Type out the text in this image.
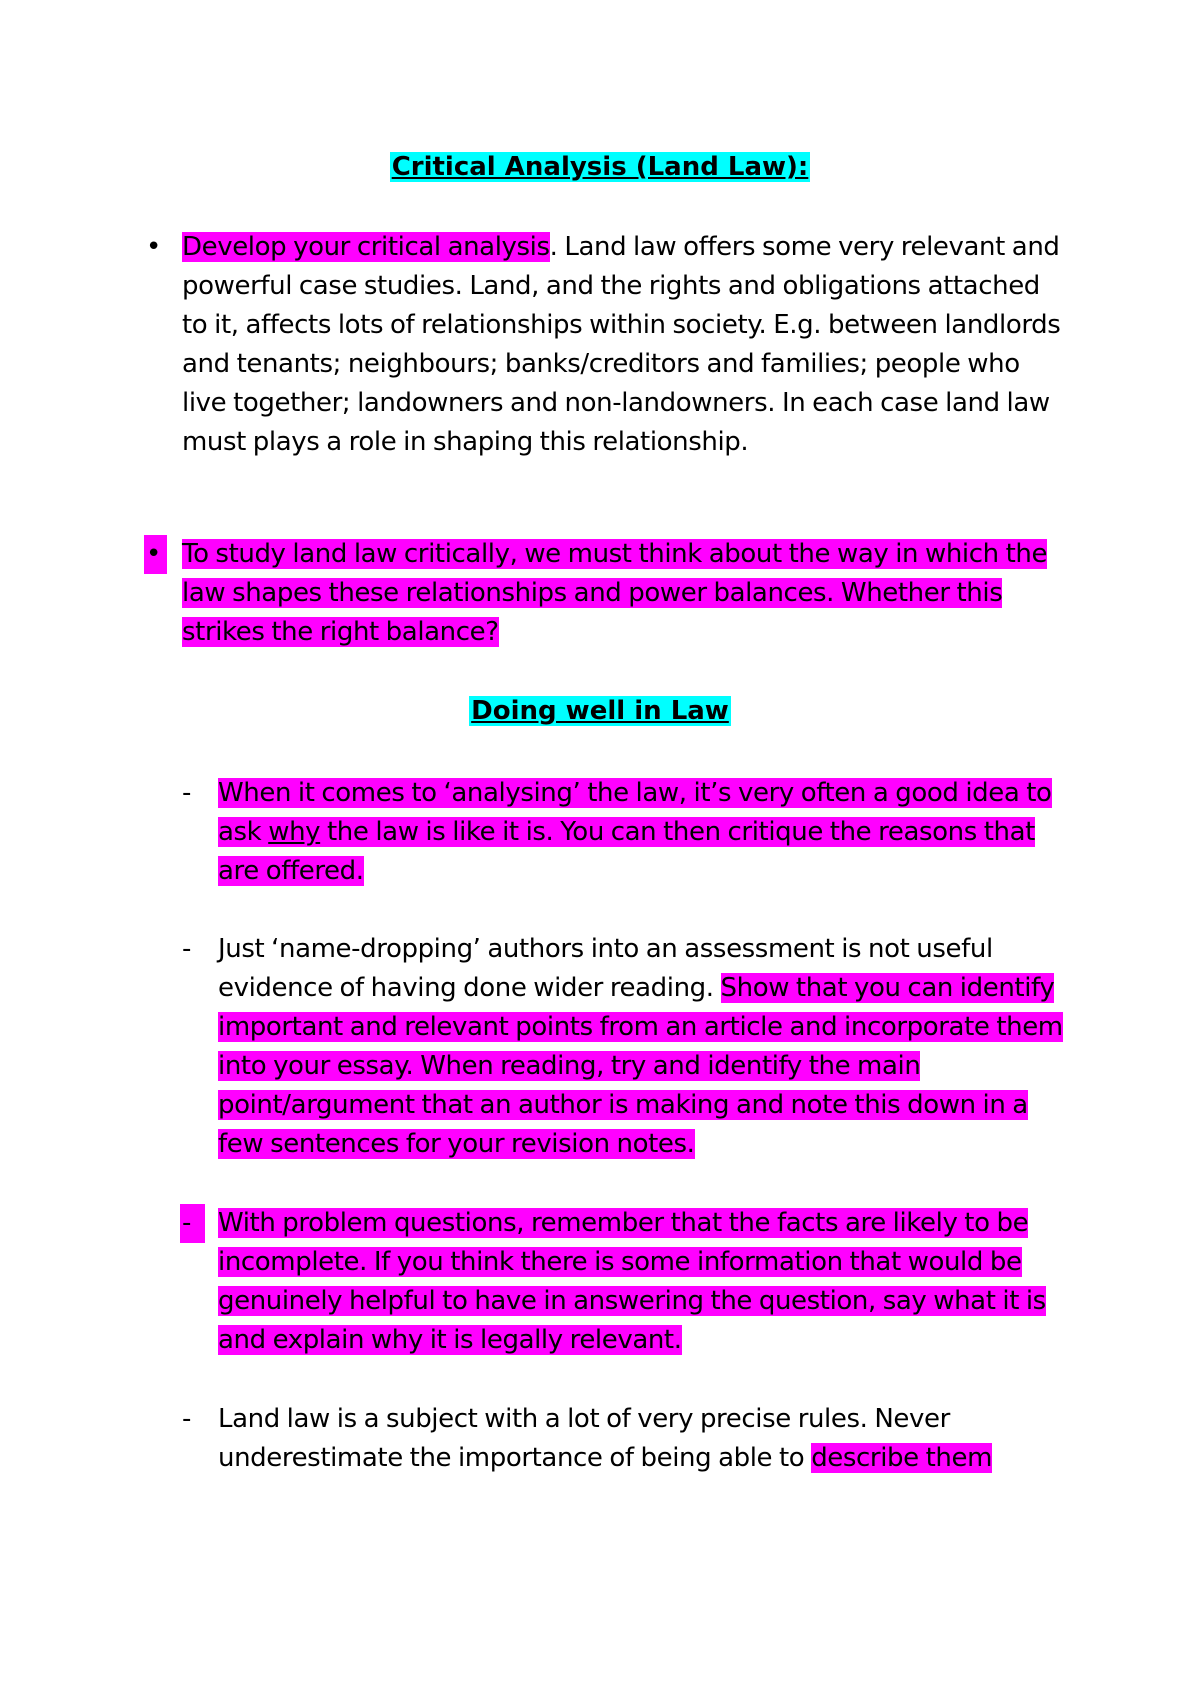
Critical Analysis (Land Law):
• Develop your critical analysis. Land law offers some very relevant and powerful case studies. Land, and the rights and obligations attached to it, affects lots of relationships within society. E.g. between landlords and tenants; neighbours; banks/creditors and families; people who live together; landowners and non-landowners. In each case land law must plays a role in shaping this relationship.
• To study land law critically, we must think about the way in which the law shapes these relationships and power balances. Whether this strikes the right balance?
Doing well in Law
- When it comes to ‘analysing’ the law, it’s very often a good idea to ask why the law is like it is. You can then critique the reasons that are offered.
- Just ‘name-dropping’ authors into an assessment is not useful evidence of having done wider reading. Show that you can identify important and relevant points from an article and incorporate them into your essay. When reading, try and identify the main point/argument that an author is making and note this down in a few sentences for your revision notes.
-	With problem questions, remember that the facts are likely to be incomplete. If you think there is some information that would be genuinely helpful to have in answering the question, say what it is and explain why it is legally relevant.
- Land law is a subject with a lot of very precise rules. Never underestimate the importance of being able to describe them
